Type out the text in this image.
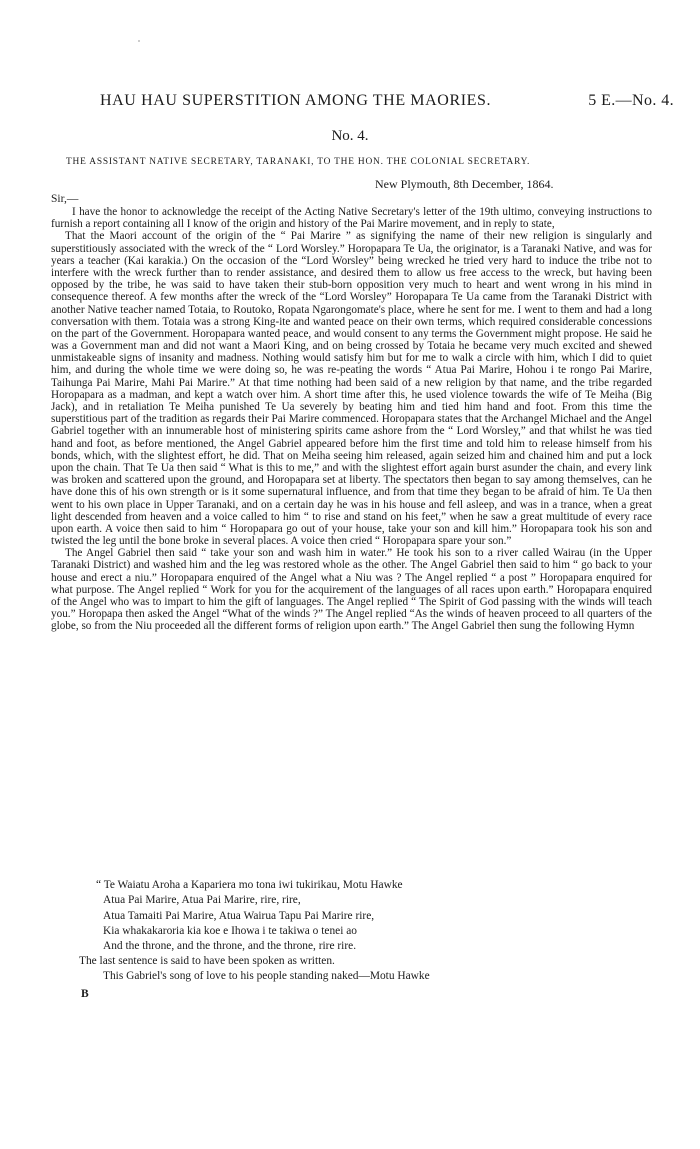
HAU HAU SUPERSTITION AMONG THE MAORIES.	5 E.—No. 4.
No. 4.
THE ASSISTANT NATIVE SECRETARY, TARANAKI, TO THE HON. THE COLONIAL SECRETARY.
New Plymouth, 8th December, 1864.
Sir,—

I have the honor to acknowledge the receipt of the Acting Native Secretary's letter of the 19th ultimo, conveying instructions to furnish a report containing all I know of the origin and history of the Pai Marire movement, and in reply to state,

That the Maori account of the origin of the “ Pai Marire ” as signifying the name of their new religion is singularly and superstitiously associated with the wreck of the “ Lord Worsley.” Horopapara Te Ua, the originator, is a Taranaki Native, and was for years a teacher (Kai karakia.) On the occasion of the “Lord Worsley” being wrecked he tried very hard to induce the tribe not to interfere with the wreck further than to render assistance, and desired them to allow us free access to the wreck, but having been opposed by the tribe, he was said to have taken their stub-born opposition very much to heart and went wrong in his mind in consequence thereof. A few months after the wreck of the “Lord Worsley” Horopapara Te Ua came from the Taranaki District with another Native teacher named Totaia, to Routoko, Ropata Ngarongomate's place, where he sent for me. I went to them and had a long conversation with them. Totaia was a strong King-ite and wanted peace on their own terms, which required considerable concessions on the part of the Government. Horopapara wanted peace, and would consent to any terms the Government might propose. He said he was a Government man and did not want a Maori King, and on being crossed by Totaia he became very much excited and shewed unmistakeable signs of insanity and madness. Nothing would satisfy him but for me to walk a circle with him, which I did to quiet him, and during the whole time we were doing so, he was re-peating the words “ Atua Pai Marire, Hohou i te rongo Pai Marire, Taihunga Pai Marire, Mahi Pai Marire.” At that time nothing had been said of a new religion by that name, and the tribe regarded Horopapara as a madman, and kept a watch over him. A short time after this, he used violence towards the wife of Te Meiha (Big Jack), and in retaliation Te Meiha punished Te Ua severely by beating him and tied him hand and foot. From this time the superstitious part of the tradition as regards their Pai Marire commenced. Horopapara states that the Archangel Michael and the Angel Gabriel together with an innumerable host of ministering spirits came ashore from the “ Lord Worsley,” and that whilst he was tied hand and foot, as before mentioned, the Angel Gabriel appeared before him the first time and told him to release himself from his bonds, which, with the slightest effort, he did. That on Meiha seeing him released, again seized him and chained him and put a lock upon the chain. That Te Ua then said “ What is this to me,” and with the slightest effort again burst asunder the chain, and every link was broken and scattered upon the ground, and Horopapara set at liberty. The spectators then began to say among themselves, can he have done this of his own strength or is it some supernatural influence, and from that time they began to be afraid of him. Te Ua then went to his own place in Upper Taranaki, and on a certain day he was in his house and fell asleep, and was in a trance, when a great light descended from heaven and a voice called to him “ to rise and stand on his feet,” when he saw a great multitude of every race upon earth. A voice then said to him “ Horopapara go out of your house, take your son and kill him.” Horopapara took his son and twisted the leg until the bone broke in several places. A voice then cried “ Horopapara spare your son.”

The Angel Gabriel then said “ take your son and wash him in water.” He took his son to a river called Wairau (in the Upper Taranaki District) and washed him and the leg was restored whole as the other. The Angel Gabriel then said to him “ go back to your house and erect a niu.” Horopapara enquired of the Angel what a Niu was ? The Angel replied “ a post ” Horopapara enquired for what purpose. The Angel replied “ Work for you for the acquirement of the languages of all races upon earth.” Horopapara enquired of the Angel who was to impart to him the gift of languages. The Angel replied “ The Spirit of God passing with the winds will teach you.” Horopapa then asked the Angel “What of the winds ?” The Angel replied “As the winds of heaven proceed to all quarters of the globe, so from the Niu proceeded all the different forms of religion upon earth.” The Angel Gabriel then sung the following Hymn

“ Te Waiatu Aroha a Kapariera mo tona iwi tukirikau, Motu Hawke
Atua Pai Marire, Atua Pai Marire, rire, rire,
Atua Tamaiti Pai Marire, Atua Wairua Tapu Pai Marire rire,
Kia whakakaroria kia koe e Ihowa i te takiwa o tenei ao
And the throne, and the throne, and the throne, rire rire.
The last sentence is said to have been spoken as written.
This Gabriel's song of love to his people standing naked—Motu Hawke
B
